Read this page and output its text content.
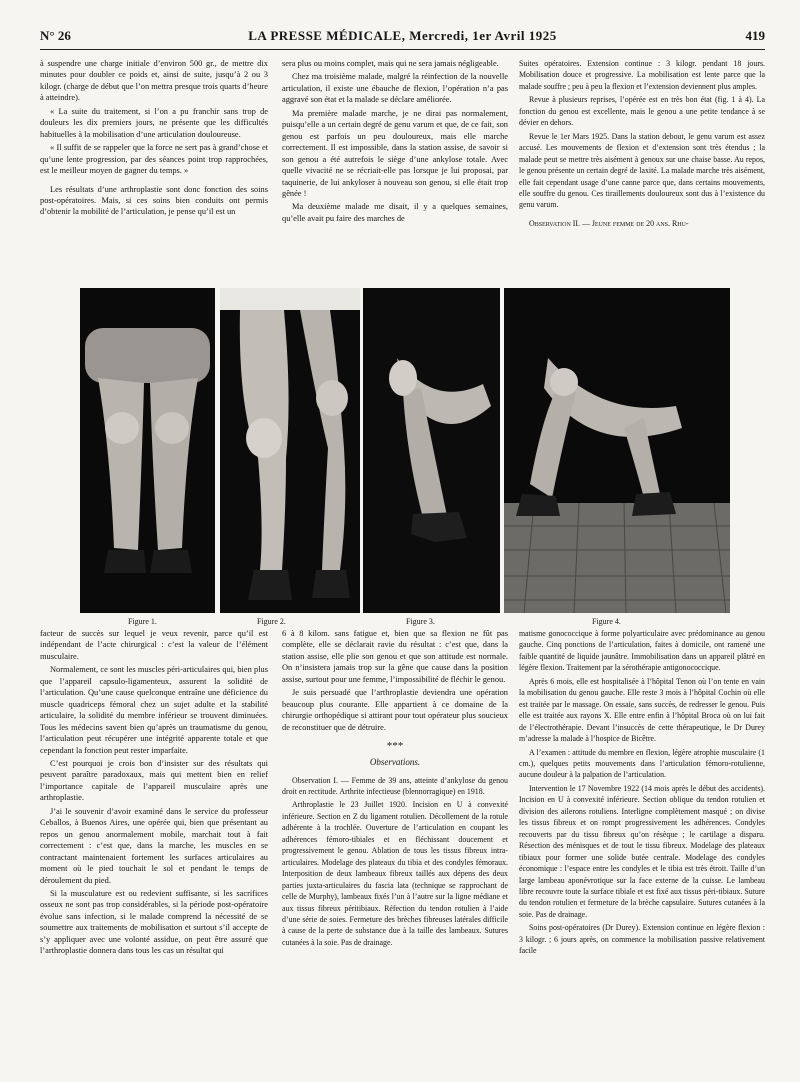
N° 26	LA PRESSE MÉDICALE, Mercredi, 1er Avril 1925	419

à suspendre une charge initiale d’environ 500 gr., de mettre dix minutes pour doubler ce poids et, ainsi de suite, jusqu’à 2 ou 3 kilogr. (charge de début que l’on mettra presque trois quarts d’heure à atteindre).

« La suite du traitement, si l’on a pu franchir sans trop de douleurs les dix premiers jours, ne présente que les difficultés habituelles à la mobilisation d’une articulation douloureuse.

« Il suffit de se rappeler que la force ne sert pas à grand’chose et qu’une lente progression, par des séances point trop rapprochées, est le meilleur moyen de gagner du temps. »

Les résultats d’une arthroplastie sont donc fonction des soins post-opératoires. Mais, si ces soins bien conduits ont permis d’obtenir la mobilité de l’articulation, je pense qu’il est un

sera plus ou moins complet, mais qui ne sera jamais négligeable.

Chez ma troisième malade, malgré la réinfection de la nouvelle articulation, il existe une ébauche de flexion, l’opération n’a pas aggravé son état et la malade se déclare améliorée.

Ma première malade marche, je ne dirai pas normalement, puisqu’elle a un certain degré de genu varum et que, de ce fait, son genou est parfois un peu douloureux, mais elle marche correctement. Il est impossible, dans la station assise, de savoir si son genou a été autrefois le siège d’une ankylose totale. Avec quelle vivacité ne se récriait-elle pas lorsque je lui proposai, par taquinerie, de lui ankyloser à nouveau son genou, si elle était trop gênée !

Ma deuxième malade me disait, il y a quelques semaines, qu’elle avait pu faire des marches de

Suites opératoires. Extension continue : 3 kilogr. pendant 18 jours. Mobilisation douce et progressive. La mobilisation est lente parce que la malade souffre ; peu à peu la flexion et l’extension deviennent plus amples.

Revue à plusieurs reprises, l’opérée est en très bon état (fig. 1 à 4). La fonction du genou est excellente, mais le genou a une petite tendance à se dévier en dehors.

Revue le 1er Mars 1925. Dans la station debout, le genu varum est assez accusé. Les mouvements de flexion et d’extension sont très étendus ; la malade peut se mettre très aisément à genoux sur une chaise basse. Au repos, le genou présente un certain degré de laxité. La malade marche très aisément, elle fait cependant usage d’une canne parce que, dans certains mouvements, elle souffre du genou. Ces tiraillements douloureux sont dus à l’existence du genu varum.

Observation II. — Jeune femme de 20 ans. Rhu-

Figure 1.	Figure 2.	Figure 3.	Figure 4.

facteur de succès sur lequel je veux revenir, parce qu’il est indépendant de l’acte chirurgical : c’est la valeur de l’élément musculaire.

Normalement, ce sont les muscles péri-articulaires qui, bien plus que l’appareil capsulo-ligamenteux, assurent la solidité de l’articulation. Qu’une cause quelconque entraîne une déficience du muscle quadriceps fémoral chez un sujet adulte et la stabilité articulaire, la solidité du membre inférieur se trouvent diminuées. Tous les médecins savent bien qu’après un traumatisme du genou, l’articulation peut récupérer une intégrité apparente totale et que cependant la fonction peut rester imparfaite.

C’est pourquoi je crois bon d’insister sur des résultats qui peuvent paraître paradoxaux, mais qui mettent bien en relief l’importance capitale de l’appareil musculaire après une arthroplastie.

J’ai le souvenir d’avoir examiné dans le service du professeur Ceballos, à Buenos Aires, une opérée qui, bien que présentant au repos un genou anormalement mobile, marchait tout à fait correctement : c’est que, dans la marche, les muscles en se contractant maintenaient fortement les surfaces articulaires au moment où le pied touchait le sol et pendant le temps de déroulement du pied.

Si la musculature est ou redevient suffisante, si les sacrifices osseux ne sont pas trop considérables, si la période post-opératoire évolue sans infection, si le malade comprend la nécessité de se soumettre aux traitements de mobilisation et surtout s’il accepte de s’y appliquer avec une volonté assidue, on peut être assuré que l’arthroplastie donnera dans tous les cas un résultat qui

6 à 8 kilom. sans fatigue et, bien que sa flexion ne fût pas complète, elle se déclarait ravie du résultat : c’est que, dans la station assise, elle plie son genou et que son attitude est normale. On n’insistera jamais trop sur la gêne que cause dans la position assise, surtout pour une femme, l’impossibilité de fléchir le genou.

Je suis persuadé que l’arthroplastie deviendra une opération beaucoup plus courante. Elle appartient à ce domaine de la chirurgie orthopédique si attirant pour tout opérateur plus soucieux de reconstituer que de détruire.

***
Observations.

Observation I. — Femme de 39 ans, atteinte d’ankylose du genou droit en rectitude. Arthrite infectieuse (blennorragique) en 1918.

Arthroplastie le 23 Juillet 1920. Incision en U à convexité inférieure. Section en Z du ligament rotulien. Décollement de la rotule adhérente à la trochlée. Ouverture de l’articulation en coupant les adhérences fémoro-tibiales et en fléchissant doucement et progressivement le genou. Ablation de tous les tissus fibreux intra-articulaires. Modelage des plateaux du tibia et des condyles fémoraux. Interposition de deux lambeaux fibreux taillés aux dépens des deux parties juxta-articulaires du fascia lata (technique se rapprochant de celle de Murphy), lambeaux fixés l’un à l’autre sur la ligne médiane et aux tissus fibreux péritibiaux. Réfection du tendon rotulien à l’aide d’une série de soies. Fermeture des brèches fibreuses latérales difficile à cause de la perte de substance due à la taille des lambeaux. Sutures cutanées à la soie. Pas de drainage.

matisme gonococcique à forme polyarticulaire avec prédominance au genou gauche. Cinq ponctions de l’articulation, faites à domicile, ont ramené une faible quantité de liquide jaunâtre. Immobilisation dans un appareil plâtré en légère flexion. Traitement par la sérothérapie antigonococcique.

Après 6 mois, elle est hospitalisée à l’hôpital Tenon où l’on tente en vain la mobilisation du genou gauche. Elle reste 3 mois à l’hôpital Cochin où elle est traitée par le massage. On essaie, sans succès, de redresser le genou. Puis elle est traitée aux rayons X. Elle entre enfin à l’hôpital Broca où on lui fait de l’électrothérapie. Devant l’insuccès de cette thérapeutique, le Dr Durey m’adresse la malade à l’hospice de Bicêtre.

A l’examen : attitude du membre en flexion, légère atrophie musculaire (1 cm.), quelques petits mouvements dans l’articulation fémoro-rotulienne, aucune douleur à la palpation de l’articulation.

Intervention le 17 Novembre 1922 (14 mois après le début des accidents). Incision en U à convexité inférieure. Section oblique du tendon rotulien et division des ailerons rotuliens. Interligne complètement masqué ; on divise les tissus fibreux et on rompt progressivement les adhérences. Condyles recouverts par du tissu fibreux qu’on résèque ; le cartilage a disparu. Résection des ménisques et de tout le tissu fibreux. Modelage des plateaux tibiaux pour former une solide butée centrale. Modelage des condyles économique : l’espace entre les condyles et le tibia est très étroit. Taille d’un large lambeau aponévrotique sur la face externe de la cuisse. Le lambeau libre recouvre toute la surface tibiale et est fixé aux tissus péri-tibiaux. Suture du tendon rotulien et fermeture de la brèche capsulaire. Sutures cutanées à la soie. Pas de drainage.

Soins post-opératoires (Dr Durey). Extension continue en légère flexion : 3 kilogr. ; 6 jours après, on commence la mobilisation passive relativement facile
